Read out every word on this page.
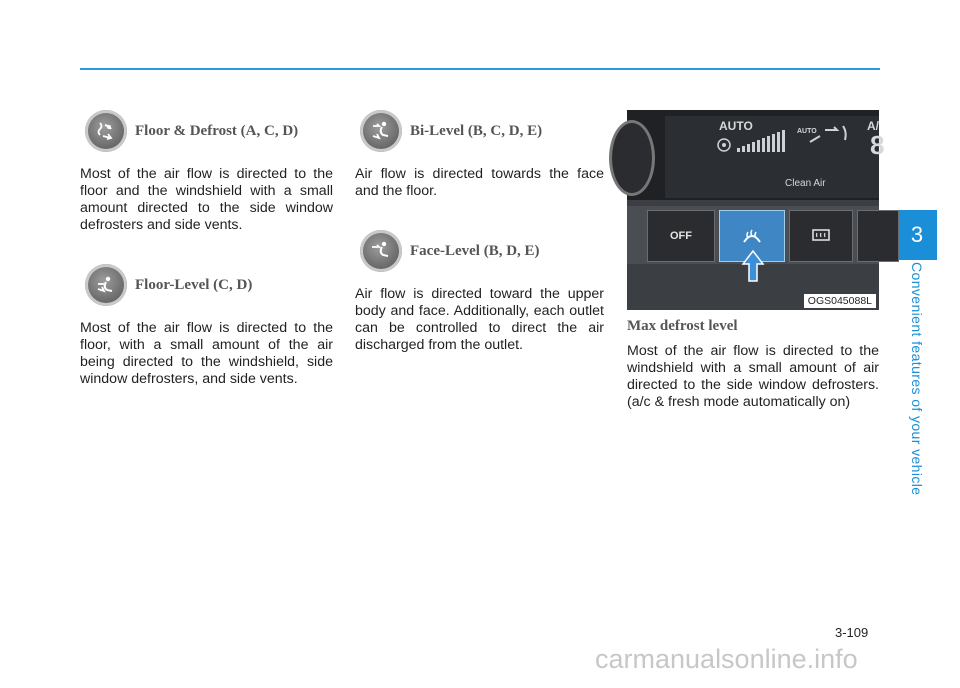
3
Convenient features of your vehicle
Floor & Defrost (A, C, D)

Most of the air flow is directed to the floor and the windshield with a small amount directed to the side window defrosters and side vents.

Floor-Level (C, D)

Most of the air flow is directed to the floor, with a small amount of the air being directed to the windshield, side window defrosters, and side vents.

Bi-Level (B, C, D, E)

Air flow is directed towards the face and the floor.

Face-Level (B, D, E)

Air flow is directed toward the upper body and face. Additionally, each outlet can be controlled to direct the air discharged from the outlet.

AUTO	A/
8
AUTO
Clean Air
OFF
OGS045088L
Max defrost level

Most of the air flow is directed to the windshield with a small amount of air directed to the side window defrosters. (a/c & fresh mode automatically on)

3-109
carmanualsonline.info
